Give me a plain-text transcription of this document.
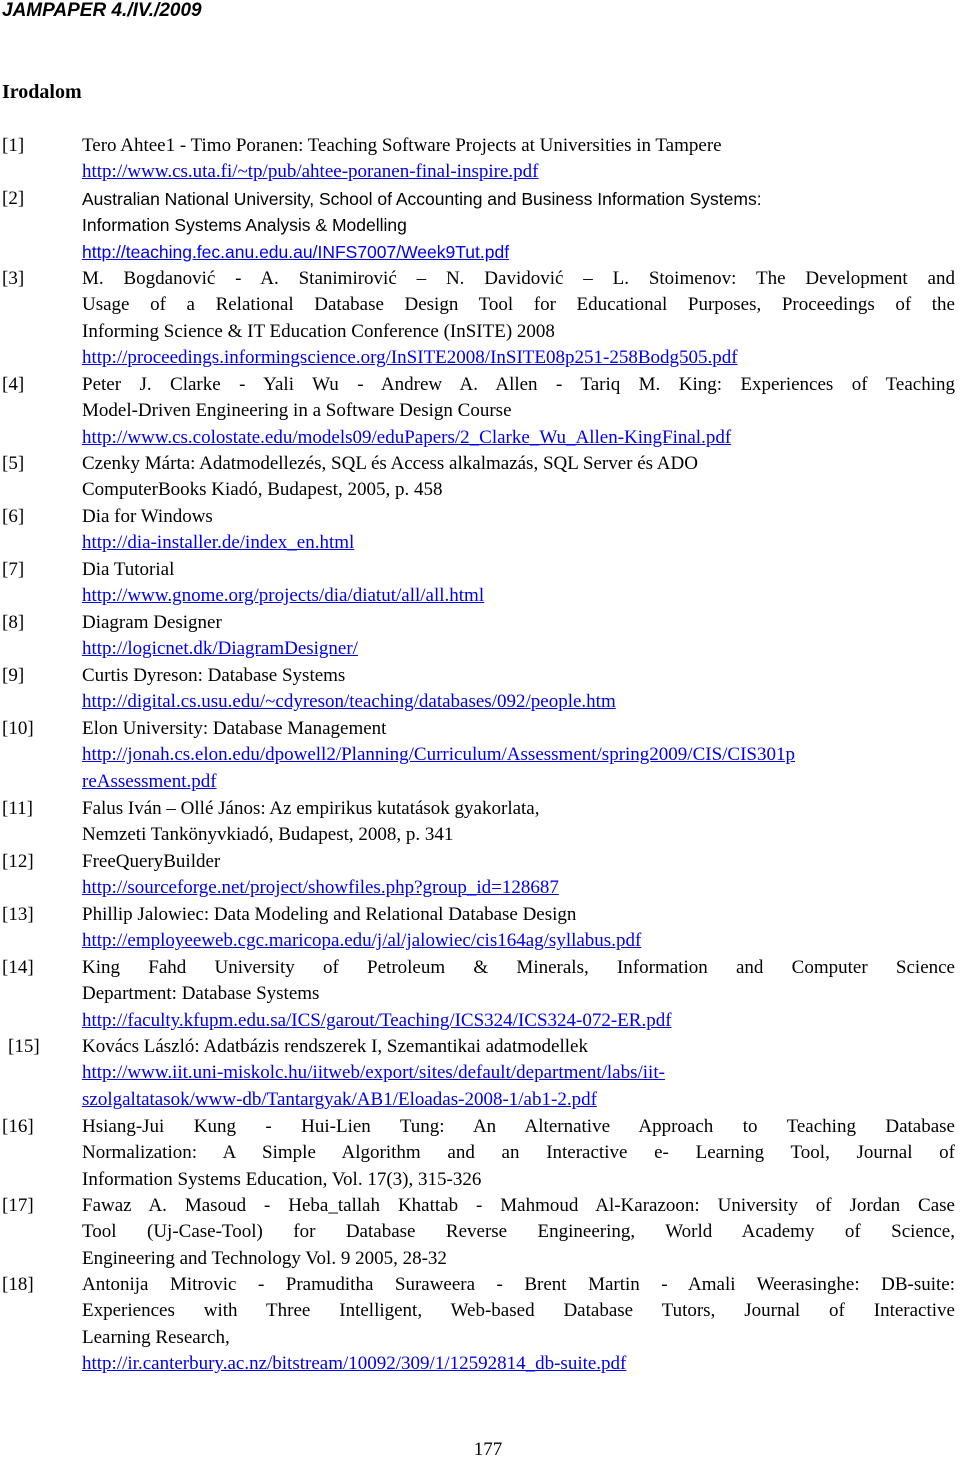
JAMPAPER 4./IV./2009
Irodalom
[1]	Tero Ahtee1 - Timo Poranen: Teaching Software Projects at Universities in Tampere
http://www.cs.uta.fi/~tp/pub/ahtee-poranen-final-inspire.pdf
[2]	Australian National University, School of Accounting and Business Information Systems:
Information Systems Analysis & Modelling
http://teaching.fec.anu.edu.au/INFS7007/Week9Tut.pdf
[3]	M. Bogdanović - A. Stanimirović – N. Davidović – L. Stoimenov: The Development and
Usage of a Relational Database Design Tool for Educational Purposes, Proceedings of the
Informing Science & IT Education Conference (InSITE) 2008
http://proceedings.informingscience.org/InSITE2008/InSITE08p251-258Bodg505.pdf
[4]	Peter J. Clarke - Yali Wu - Andrew A. Allen - Tariq M. King: Experiences of Teaching
Model-Driven Engineering in a Software Design Course
http://www.cs.colostate.edu/models09/eduPapers/2_Clarke_Wu_Allen-KingFinal.pdf
[5]	Czenky Márta: Adatmodellezés, SQL és Access alkalmazás, SQL Server és ADO
ComputerBooks Kiadó, Budapest, 2005, p. 458
[6]	Dia for Windows
http://dia-installer.de/index_en.html
[7]	Dia Tutorial
http://www.gnome.org/projects/dia/diatut/all/all.html
[8]	Diagram Designer
http://logicnet.dk/DiagramDesigner/
[9]	Curtis Dyreson: Database Systems
http://digital.cs.usu.edu/~cdyreson/teaching/databases/092/people.htm
[10]	Elon University: Database Management
http://jonah.cs.elon.edu/dpowell2/Planning/Curriculum/Assessment/spring2009/CIS/CIS301p
reAssessment.pdf
[11]	Falus Iván – Ollé János: Az empirikus kutatások gyakorlata,
Nemzeti Tankönyvkiadó, Budapest, 2008, p. 341
[12]	FreeQueryBuilder
http://sourceforge.net/project/showfiles.php?group_id=128687
[13]	Phillip Jalowiec: Data Modeling and Relational Database Design
http://employeeweb.cgc.maricopa.edu/j/al/jalowiec/cis164ag/syllabus.pdf
[14]	King Fahd University of Petroleum & Minerals, Information and Computer Science
Department: Database Systems
http://faculty.kfupm.edu.sa/ICS/garout/Teaching/ICS324/ICS324-072-ER.pdf
[15] Kovács László: Adatbázis rendszerek I, Szemantikai adatmodellek
http://www.iit.uni-miskolc.hu/iitweb/export/sites/default/department/labs/iit-
szolgaltatasok/www-db/Tantargyak/AB1/Eloadas-2008-1/ab1-2.pdf
[16]	Hsiang-Jui Kung - Hui-Lien Tung: An Alternative Approach to Teaching Database
Normalization: A Simple Algorithm and an Interactive e- Learning Tool, Journal of
Information Systems Education, Vol. 17(3), 315-326
[17]	Fawaz A. Masoud - Heba_tallah Khattab - Mahmoud Al-Karazoon: University of Jordan Case
Tool (Uj-Case-Tool) for Database Reverse Engineering, World Academy of Science,
Engineering and Technology Vol. 9 2005, 28-32
[18]	Antonija Mitrovic - Pramuditha Suraweera - Brent Martin - Amali Weerasinghe: DB-suite:
Experiences with Three Intelligent, Web-based Database Tutors, Journal of Interactive
Learning Research,
http://ir.canterbury.ac.nz/bitstream/10092/309/1/12592814_db-suite.pdf
177
